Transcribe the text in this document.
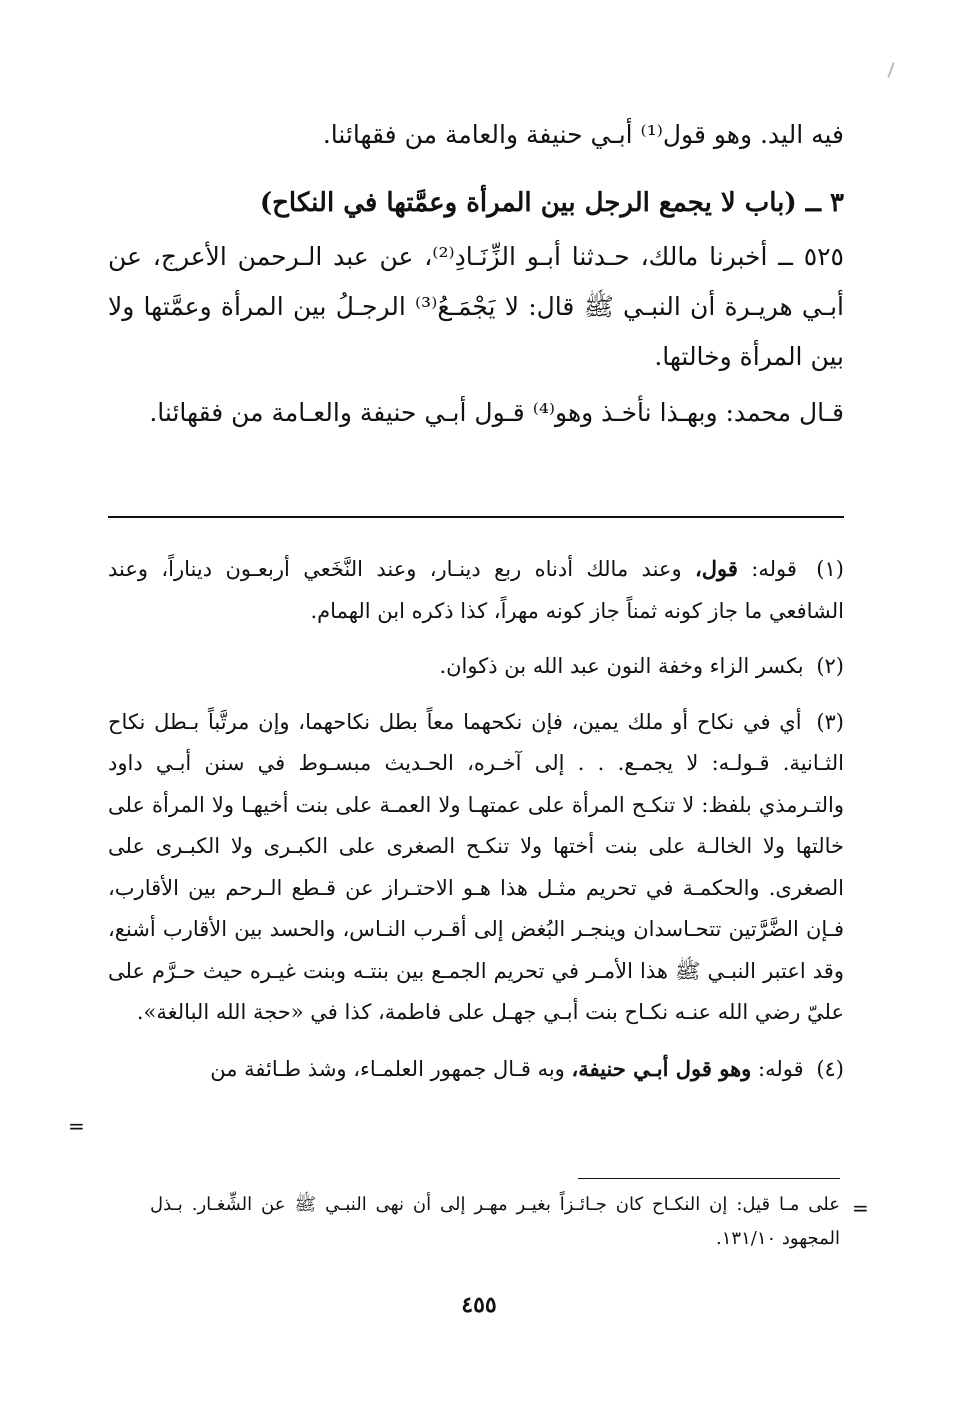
فيه اليد. وهو قول⁽¹⁾ أبـي حنيفة والعامة من فقهائنا.
٣ ــ (باب لا يجمع الرجل بين المرأة وعمَّتها في النكاح)
٥٢٥ ــ أخبرنا مالك، حـدثنا أبـو الزِّنَـادِ⁽²⁾، عن عبد الـرحمن الأعرج، عن أبـي هريـرة أن النبـي ﷺ قال: لا يَجْمَـعُ⁽³⁾ الرجـلُ بين المرأة وعمَّتها ولا بين المرأة وخالتها.
قـال محمد: وبهـذا نأخـذ وهو⁽⁴⁾ قـول أبـي حنيفة والعـامة من فقهائنا.

(١) قوله: قول، وعند مالك أدناه ربع دينـار، وعند النَّخَعي أربعـون ديناراً، وعند الشافعي ما جاز كونه ثمناً جاز كونه مهراً، كذا ذكره ابن الهمام.

(٢) بكسر الزاء وخفة النون عبد الله بن ذكوان.

(٣) أي في نكاح أو ملك يمين، فإن نكحهما معاً بطل نكاحهما، وإن مرتَّباً بـطل نكاح الثـانية. قـولـه: لا يجمـع. . . إلى آخـره، الحـديث مبسـوط في سنن أبـي داود والتـرمذي بلفظ: لا تنكـح المرأة على عمتهـا ولا العمـة على بنت أخيهـا ولا المرأة على خالتها ولا الخالـة على بنت أختها ولا تنكـح الصغرى على الكبـرى ولا الكبـرى على الصغرى. والحكمـة في تحريم مثـل هذا هـو الاحتـراز عن قـطع الـرحم بين الأقارب، فـإن الضَّرَّتين تتحـاسدان وينجـر البُغض إلى أقـرب النـاس، والحسد بين الأقارب أشنع، وقد اعتبر النبـي ﷺ هذا الأمـر في تحريم الجمـع بين بنتـه وبنت غيـره حيث حـرَّم على عليّ رضي الله عنـه نكـاح بنت أبـي جهـل على فاطمة، كذا في «حجة الله البالغة».

(٤) قوله: وهو قول أبـي حنيفة، وبه قـال جمهور العلمـاء، وشذ طـائفة من

=
=
على مـا قيل: إن النكـاح كان جـائـزاً بغيـر مهـر إلى أن نهى النبـي ﷺ عن الشِّغـار. بـذل المجهود ١٣١/١٠.
٤٥٥
